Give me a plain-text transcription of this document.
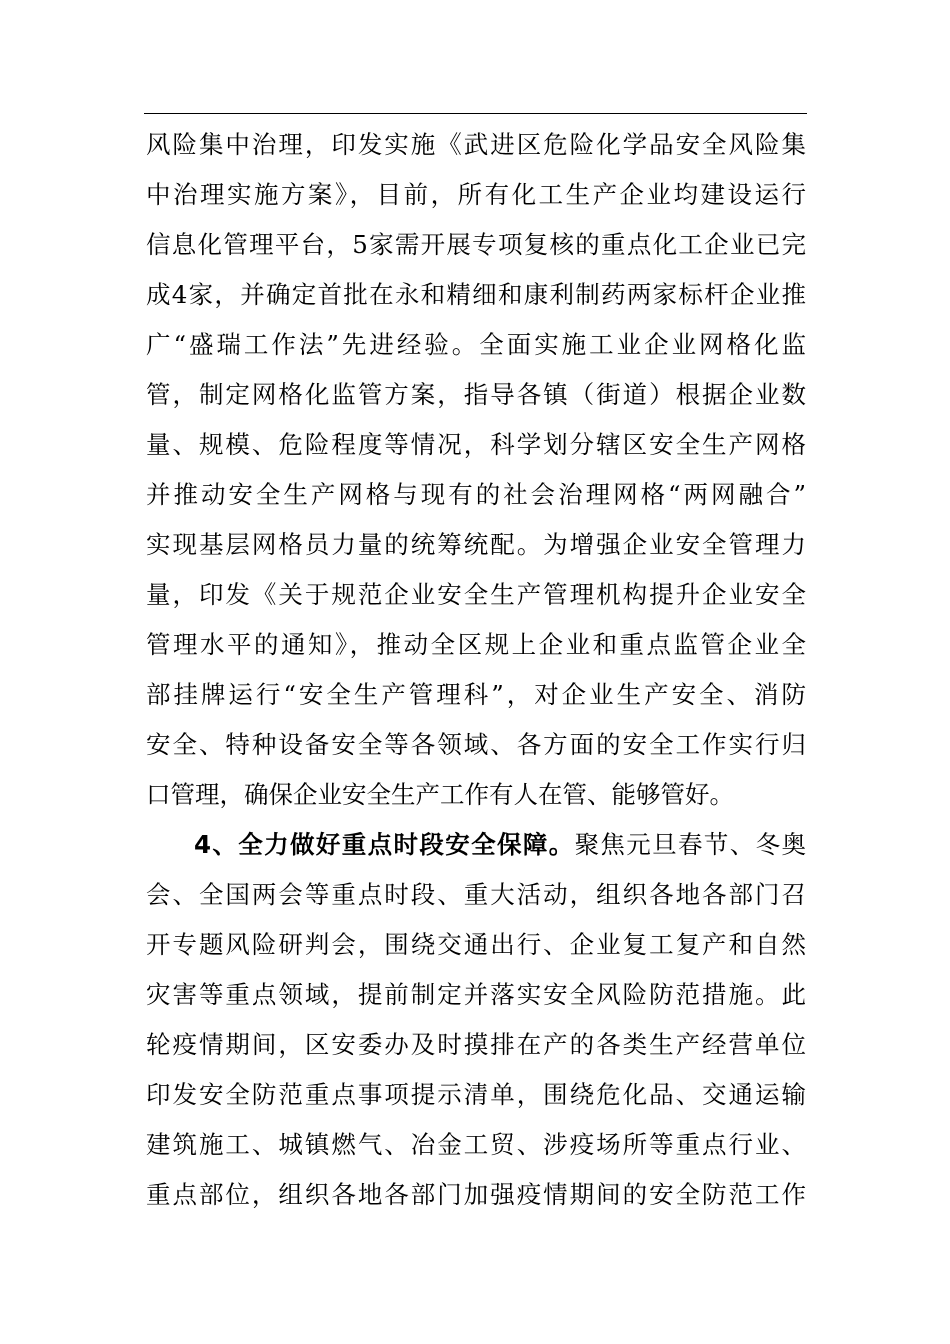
风险集中治理，印发实施《武进区危险化学品安全风险集
中治理实施方案》，目前，所有化工生产企业均建设运行
信息化管理平台，5家需开展专项复核的重点化工企业已完
成4家，并确定首批在永和精细和康利制药两家标杆企业推
广“盛瑞工作法”先进经验。全面实施工业企业网格化监
管，制定网格化监管方案，指导各镇（街道）根据企业数
量、规模、危险程度等情况，科学划分辖区安全生产网格
并推动安全生产网格与现有的社会治理网格“两网融合”
实现基层网格员力量的统筹统配。为增强企业安全管理力
量，印发《关于规范企业安全生产管理机构提升企业安全
管理水平的通知》，推动全区规上企业和重点监管企业全
部挂牌运行“安全生产管理科”，对企业生产安全、消防
安全、特种设备安全等各领域、各方面的安全工作实行归
口管理，确保企业安全生产工作有人在管、能够管好。
4、全力做好重点时段安全保障。聚焦元旦春节、冬奥
会、全国两会等重点时段、重大活动，组织各地各部门召
开专题风险研判会，围绕交通出行、企业复工复产和自然
灾害等重点领域，提前制定并落实安全风险防范措施。此
轮疫情期间，区安委办及时摸排在产的各类生产经营单位
印发安全防范重点事项提示清单，围绕危化品、交通运输
建筑施工、城镇燃气、冶金工贸、涉疫场所等重点行业、
重点部位，组织各地各部门加强疫情期间的安全防范工作
